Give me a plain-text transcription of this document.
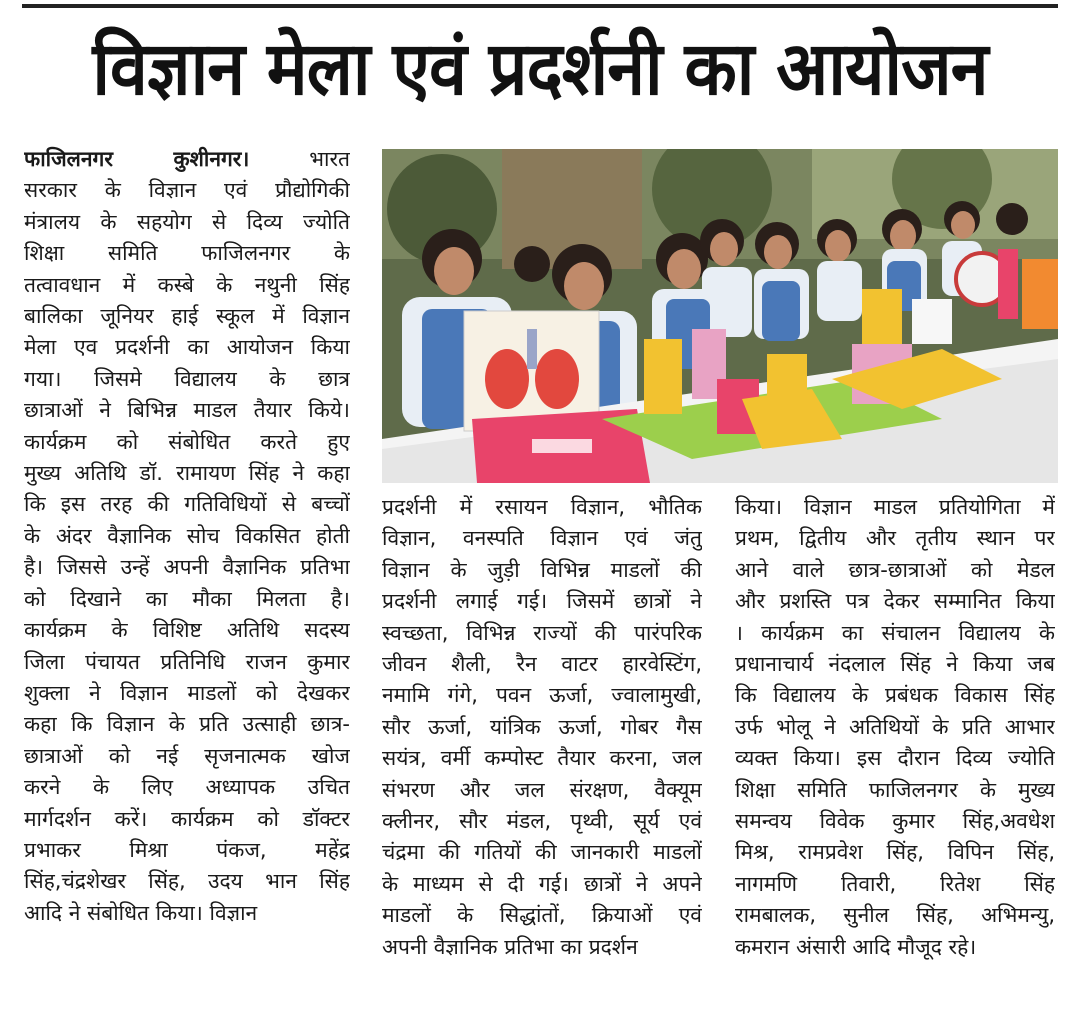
विज्ञान मेला एवं प्रदर्शनी का आयोजन
फाजिलनगर कुशीनगर। भारत
सरकार के विज्ञान एवं प्रौद्योगिकी
मंत्रालय के सहयोग से दिव्य ज्योति
शिक्षा समिति फाजिलनगर के
तत्वावधान में कस्बे के नथुनी सिंह
बालिका जूनियर हाई स्कूल में विज्ञान
मेला एव प्रदर्शनी का आयोजन किया
गया। जिसमे विद्यालय के छात्र
छात्राओं ने बिभिन्न माडल तैयार किये।
कार्यक्रम को संबोधित करते हुए
मुख्य अतिथि डॉ. रामायण सिंह ने कहा
कि इस तरह की गतिविधियों से बच्चों
के अंदर वैज्ञानिक सोच विकसित होती
है। जिससे उन्हें अपनी वैज्ञानिक प्रतिभा
को दिखाने का मौका मिलता है।
कार्यक्रम के विशिष्ट अतिथि सदस्य
जिला पंचायत प्रतिनिधि राजन कुमार
शुक्ला ने विज्ञान माडलों को देखकर
कहा कि विज्ञान के प्रति उत्साही छात्र-
छात्राओं को नई सृजनात्मक खोज
करने के लिए अध्यापक उचित
मार्गदर्शन करें। कार्यक्रम को डॉक्टर
प्रभाकर मिश्रा पंकज, महेंद्र
सिंह,चंद्रशेखर सिंह, उदय भान सिंह
आदि ने संबोधित किया। विज्ञान
प्रदर्शनी में रसायन विज्ञान, भौतिक
विज्ञान, वनस्पति विज्ञान एवं जंतु
विज्ञान के जुड़ी विभिन्न माडलों की
प्रदर्शनी लगाई गई। जिसमें छात्रों ने
स्वच्छता, विभिन्न राज्यों की पारंपरिक
जीवन शैली, रैन वाटर हारवेस्टिंग,
नमामि गंगे, पवन ऊर्जा, ज्वालामुखी,
सौर ऊर्जा, यांत्रिक ऊर्जा, गोबर गैस
सयंत्र, वर्मी कम्पोस्ट तैयार करना, जल
संभरण और जल संरक्षण, वैक्यूम
क्लीनर, सौर मंडल, पृथ्वी, सूर्य एवं
चंद्रमा की गतियों की जानकारी माडलों
के माध्यम से दी गई। छात्रों ने अपने
माडलों के सिद्धांतों, क्रियाओं एवं
अपनी वैज्ञानिक प्रतिभा का प्रदर्शन
किया। विज्ञान माडल प्रतियोगिता में
प्रथम, द्वितीय और तृतीय स्थान पर
आने वाले छात्र-छात्राओं को मेडल
और प्रशस्ति पत्र देकर सम्मानित किया
। कार्यक्रम का संचालन विद्यालय के
प्रधानाचार्य नंदलाल सिंह ने किया जब
कि विद्यालय के प्रबंधक विकास सिंह
उर्फ भोलू ने अतिथियों के प्रति आभार
व्यक्त किया। इस दौरान दिव्य ज्योति
शिक्षा समिति फाजिलनगर के मुख्य
समन्वय विवेक कुमार सिंह,अवधेश
मिश्र, रामप्रवेश सिंह, विपिन सिंह,
नागमणि तिवारी, रितेश सिंह
रामबालक, सुनील सिंह, अभिमन्यु,
कमरान अंसारी आदि मौजूद रहे।
